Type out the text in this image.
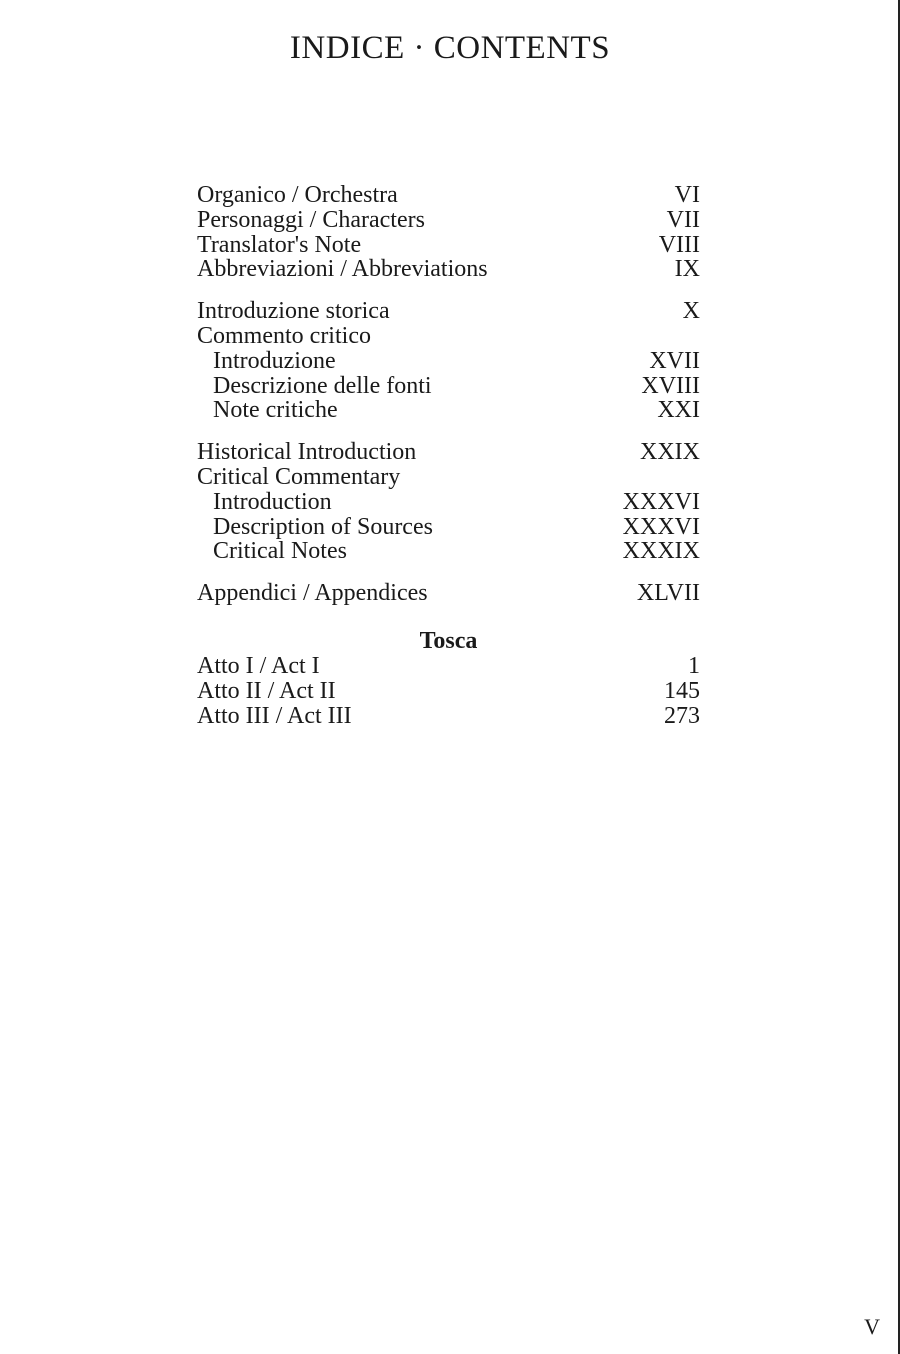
INDICE · CONTENTS
Organico / Orchestra	VI
Personaggi / Characters	VII
Translator's Note	VIII
Abbreviazioni / Abbreviations	IX
Introduzione storica	X
Commento critico
Introduzione	XVII
Descrizione delle fonti	XVIII
Note critiche	XXI
Historical Introduction	XXIX
Critical Commentary
Introduction	XXXVI
Description of Sources	XXXVI
Critical Notes	XXXIX
Appendici / Appendices	XLVII
Tosca
Atto I / Act I	1
Atto II / Act II	145
Atto III / Act III	273
V
